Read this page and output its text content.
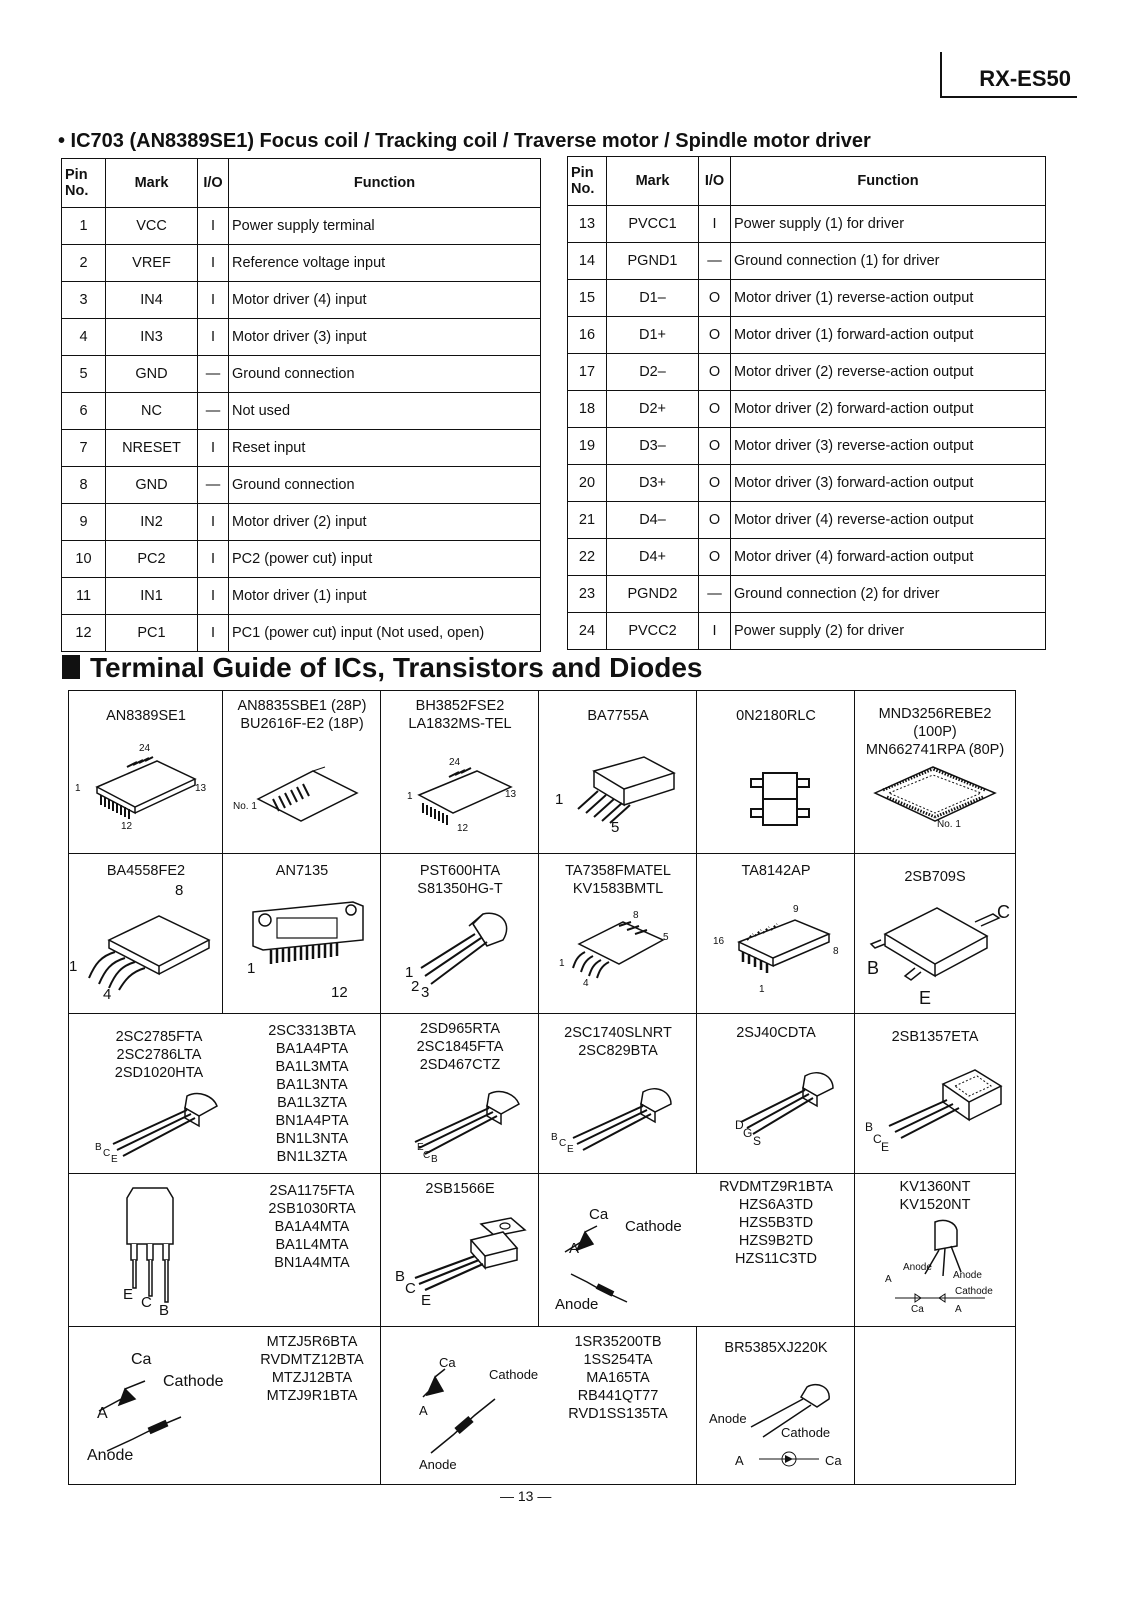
RX-ES50
• IC703 (AN8389SE1) Focus coil / Tracking coil / Traverse motor / Spindle motor driver
Pin No.	Mark	I/O	Function
1	VCC	I	Power supply terminal
2	VREF	I	Reference voltage input
3	IN4	I	Motor driver (4) input
4	IN3	I	Motor driver (3) input
5	GND	—	Ground connection
6	NC	—	Not used
7	NRESET	I	Reset input
8	GND	—	Ground connection
9	IN2	I	Motor driver (2) input
10	PC2	I	PC2 (power cut) input
11	IN1	I	Motor driver (1) input
12	PC1	I	PC1 (power cut) input (Not used, open)
Pin No.	Mark	I/O	Function
13	PVCC1	I	Power supply (1) for driver
14	PGND1	—	Ground connection (1) for driver
15	D1–	O	Motor driver (1) reverse-action output
16	D1+	O	Motor driver (1) forward-action output
17	D2–	O	Motor driver (2) reverse-action output
18	D2+	O	Motor driver (2) forward-action output
19	D3–	O	Motor driver (3) reverse-action output
20	D3+	O	Motor driver (3) forward-action output
21	D4–	O	Motor driver (4) reverse-action output
22	D4+	O	Motor driver (4) forward-action output
23	PGND2	—	Ground connection (2) for driver
24	PVCC2	I	Power supply (2) for driver
Terminal Guide of ICs, Transistors and Diodes
AN8389SE1
24
1	13
12
AN8835SBE1 (28P)
BU2616F-E2 (18P)
No. 1
BH3852FSE2
LA1832MS-TEL
24
1	13
12
BA7755A
1
5
0N2180RLC	MND3256REBE2
(100P)
MN662741RPA (80P)
No. 1
BA4558FE2
8
1
4
AN7135
1
12
PST600HTA
S81350HG-T
1
2 3
TA7358FMATEL
KV1583BMTL
8
5
1
4
TA8142AP
9
16
8
1
2SB709S
C
B
E
2SC2785FTA
2SC2786LTA
2SD1020HTA
B
C
E
2SC3313BTA
BA1A4PTA
BA1L3MTA
BA1L3NTA
BA1L3ZTA
BN1A4PTA
BN1L3NTA
BN1L3ZTA
2SD965RTA
2SC1845FTA
2SD467CTZ
E
C B
2SC1740SLNRT
2SC829BTA
B
C
E
2SJ40CDTA
D
G
S
2SB1357ETA
B
C
E
E C B
2SA1175FTA
2SB1030RTA
BA1A4MTA
BA1L4MTA
BN1A4MTA
2SB1566E
B
C
E
Ca
Cathode
A
Anode
RVDMTZ9R1BTA
HZS6A3TD
HZS5B3TD
HZS9B2TD
HZS11C3TD
KV1360NT
KV1520NT
Anode
Anode
Cathode
A
Ca	A
Ca
Cathode
A
Anode
MTZJ5R6BTA
RVDMTZ12BTA
MTZJ12BTA
MTZJ9R1BTA
Ca
Cathode
A
Anode
1SR35200TB
1SS254TA
MA165TA
RB441QT77
RVD1SS135TA
BR5385XJ220K
Anode
Cathode
A	Ca
— 13 —
